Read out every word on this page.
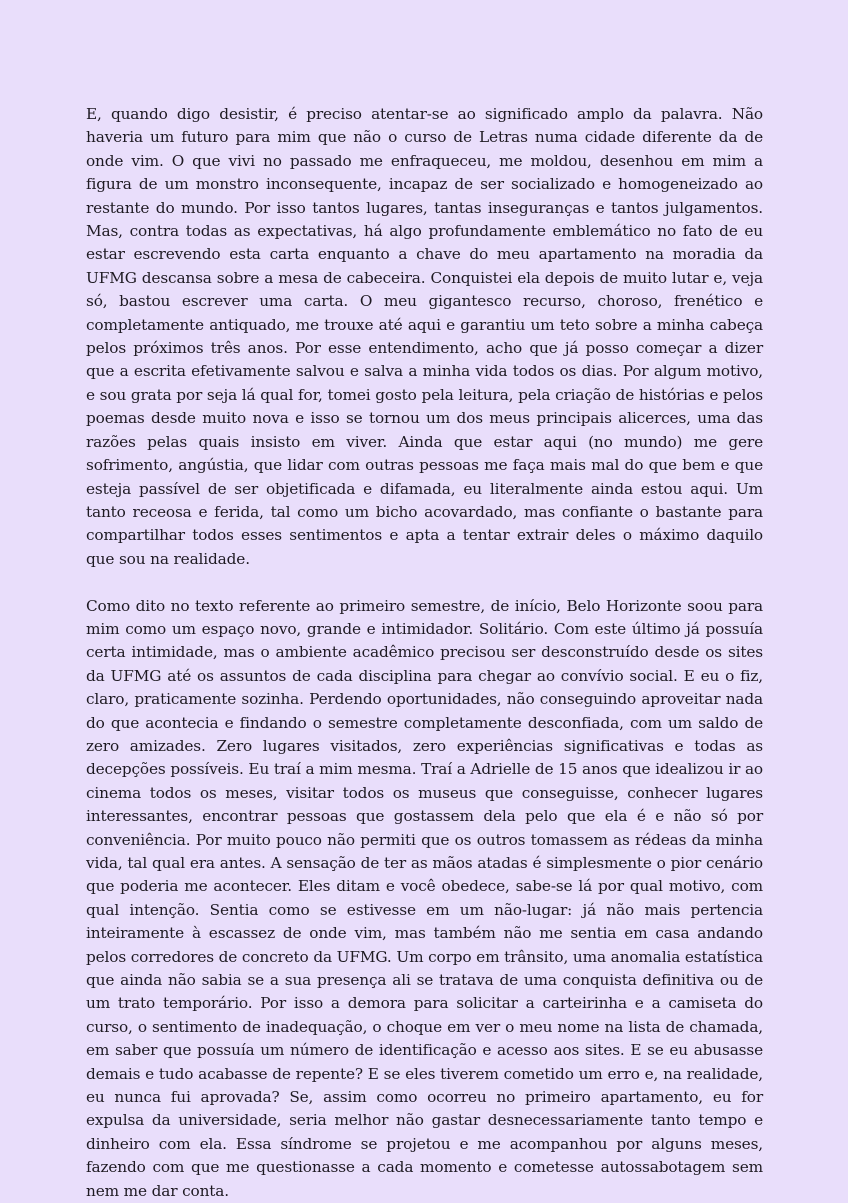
E, quando digo desistir, é preciso atentar-se ao significado amplo da palavra. Não haveria um futuro para mim que não o curso de Letras numa cidade diferente da de onde vim. O que vivi no passado me enfraqueceu, me moldou, desenhou em mim a figura de um monstro inconsequente, incapaz de ser socializado e homogeneizado ao restante do mundo. Por isso tantos lugares, tantas inseguranças e tantos julgamentos. Mas, contra todas as expectativas, há algo profundamente emblemático no fato de eu estar escrevendo esta carta enquanto a chave do meu apartamento na moradia da UFMG descansa sobre a mesa de cabeceira. Conquistei ela depois de muito lutar e, veja só, bastou escrever uma carta. O meu gigantesco recurso, choroso, frenético e completamente antiquado, me trouxe até aqui e garantiu um teto sobre a minha cabeça pelos próximos três anos. Por esse entendimento, acho que já posso começar a dizer que a escrita efetivamente salvou e salva a minha vida todos os dias. Por algum motivo, e sou grata por seja lá qual for, tomei gosto pela leitura, pela criação de histórias e pelos poemas desde muito nova e isso se tornou um dos meus principais alicerces, uma das razões pelas quais insisto em viver. Ainda que estar aqui (no mundo) me gere sofrimento, angústia, que lidar com outras pessoas me faça mais mal do que bem e que esteja passível de ser objetificada e difamada, eu literalmente ainda estou aqui. Um tanto receosa e ferida, tal como um bicho acovardado, mas confiante o bastante para compartilhar todos esses sentimentos e apta a tentar extrair deles o máximo daquilo que sou na realidade.

Como dito no texto referente ao primeiro semestre, de início, Belo Horizonte soou para mim como um espaço novo, grande e intimidador. Solitário. Com este último já possuía certa intimidade, mas o ambiente acadêmico precisou ser desconstruído desde os sites da UFMG até os assuntos de cada disciplina para chegar ao convívio social. E eu o fiz, claro, praticamente sozinha. Perdendo oportunidades, não conseguindo aproveitar nada do que acontecia e findando o semestre completamente desconfiada, com um saldo de zero amizades. Zero lugares visitados, zero experiências significativas e todas as decepções possíveis. Eu traí a mim mesma. Traí a Adrielle de 15 anos que idealizou ir ao cinema todos os meses, visitar todos os museus que conseguisse, conhecer lugares interessantes, encontrar pessoas que gostassem dela pelo que ela é e não só por conveniência. Por muito pouco não permiti que os outros tomassem as rédeas da minha vida, tal qual era antes. A sensação de ter as mãos atadas é simplesmente o pior cenário que poderia me acontecer. Eles ditam e você obedece, sabe-se lá por qual motivo, com qual intenção. Sentia como se estivesse em um não-lugar: já não mais pertencia inteiramente à escassez de onde vim, mas também não me sentia em casa andando pelos corredores de concreto da UFMG. Um corpo em trânsito, uma anomalia estatística que ainda não sabia se a sua presença ali se tratava de uma conquista definitiva ou de um trato temporário. Por isso a demora para solicitar a carteirinha e a camiseta do curso, o sentimento de inadequação, o choque em ver o meu nome na lista de chamada, em saber que possuía um número de identificação e acesso aos sites. E se eu abusasse demais e tudo acabasse de repente? E se eles tiverem cometido um erro e, na realidade, eu nunca fui aprovada? Se, assim como ocorreu no primeiro apartamento, eu for expulsa da universidade, seria melhor não gastar desnecessariamente tanto tempo e dinheiro com ela. Essa síndrome se projetou e me acompanhou por alguns meses, fazendo com que me questionasse a cada momento e cometesse autossabotagem sem nem me dar conta.
